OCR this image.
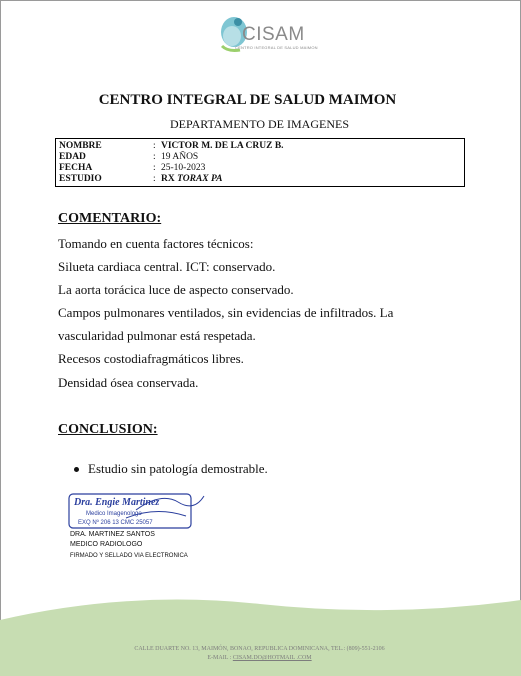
CISAM
CENTRO INTEGRAL DE SALUD MAIMON
CENTRO INTEGRAL DE SALUD MAIMON
DEPARTAMENTO DE IMAGENES
NOMBRE	: VICTOR M. DE LA CRUZ B.
EDAD	: 19 AÑOS
FECHA	: 25-10-2023
ESTUDIO	: RX TORAX PA
COMENTARIO:
Tomando en cuenta factores técnicos:
Silueta cardiaca central. ICT: conservado.
La aorta torácica luce de aspecto conservado.
Campos pulmonares ventilados, sin evidencias de infiltrados. La
vascularidad pulmonar está respetada.
Recesos costodiafragmáticos libres.
Densidad ósea conservada.
CONCLUSION:
Estudio sin patología demostrable.
Dra. Engie Martinez
Medico Imagenologo
EXQ Nº 206 13 CMC 25057
DRA. MARTINEZ SANTOS
MEDICO RADIOLOGO
FIRMADO Y SELLADO VIA ELECTRONICA
CALLE DUARTE NO. 13, MAIMÓN, BONAO, REPUBLICA DOMINICANA, TEL.: (809)-551-2106
E-MAIL : CISAM.DO@HOTMAIL .COM
